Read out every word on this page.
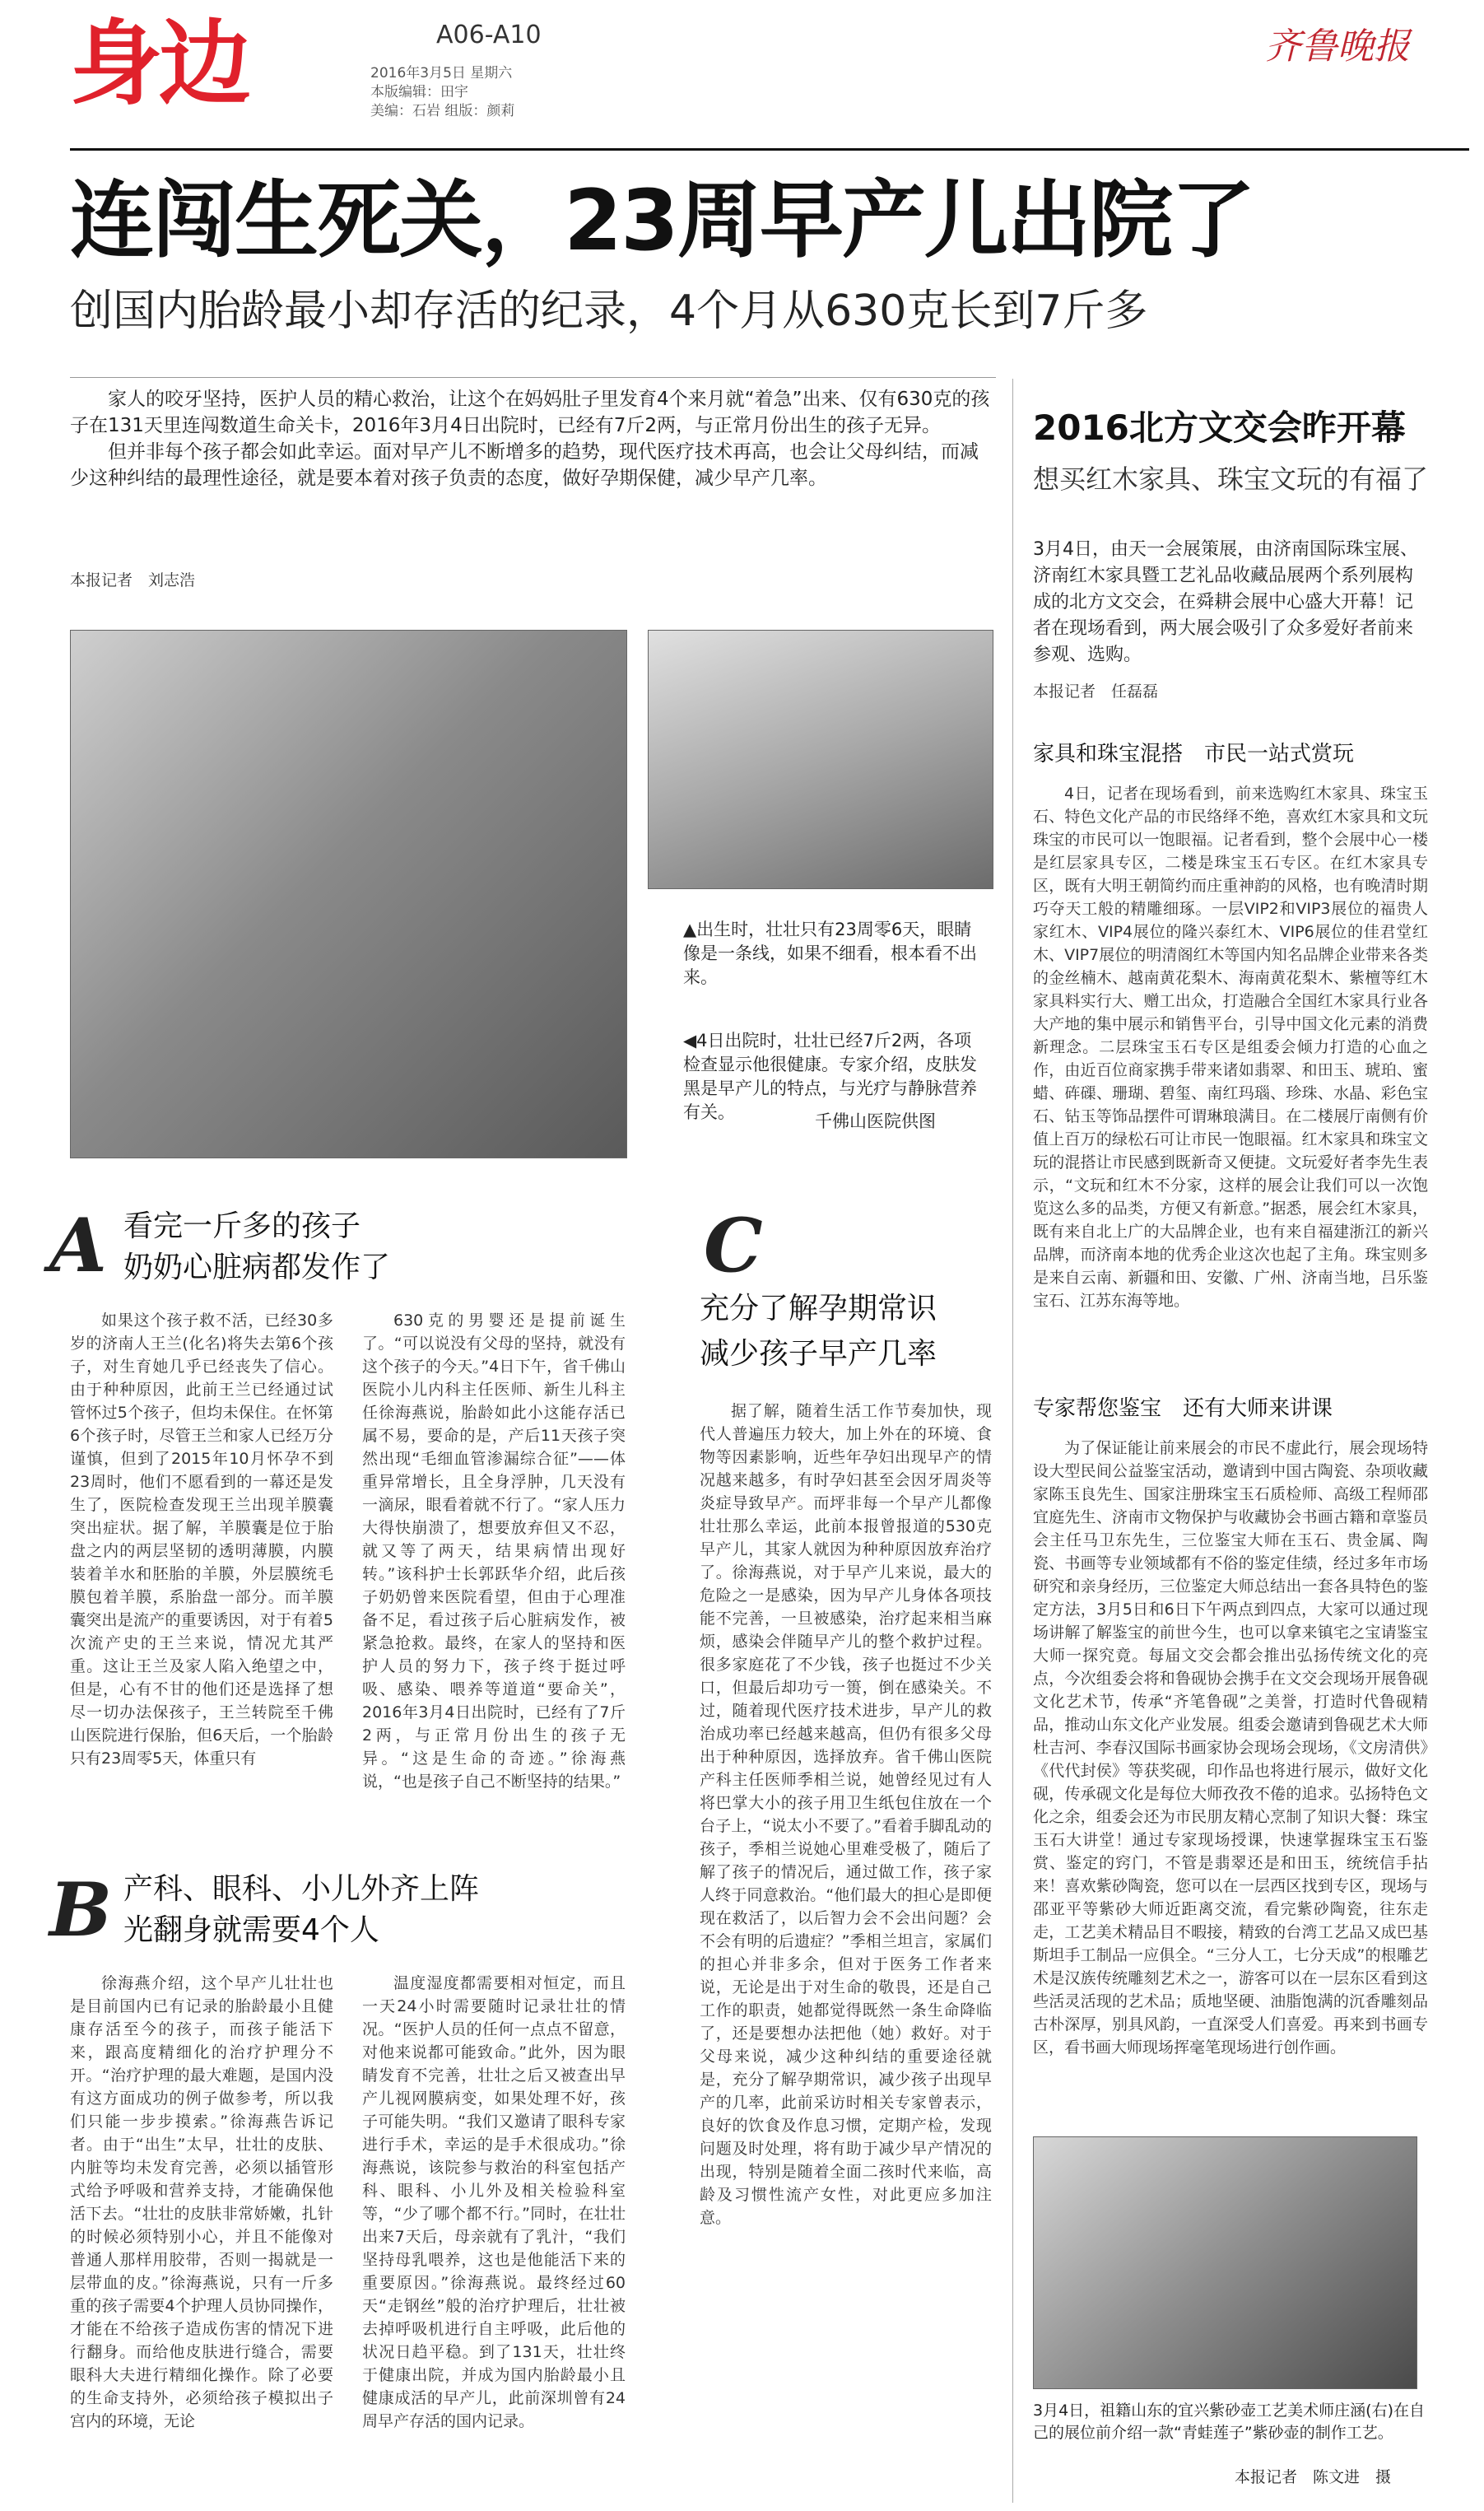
身边	A06-A10
2016年3月5日 星期六
本版编辑：田宇
美编：石岩 组版：颜莉
齐鲁晚报
连闯生死关，23周早产儿出院了
创国内胎龄最小却存活的纪录，4个月从630克长到7斤多

家人的咬牙坚持，医护人员的精心救治，让这个在妈妈肚子里发育4个来月就“着急”出来、仅有630克的孩子在131天里连闯数道生命关卡，2016年3月4日出院时，已经有7斤2两，与正常月份出生的孩子无异。

但并非每个孩子都会如此幸运。面对早产儿不断增多的趋势，现代医疗技术再高，也会让父母纠结，而减少这种纠结的最理性途径，就是要本着对孩子负责的态度，做好孕期保健，减少早产几率。

本报记者　刘志浩
▲出生时，壮壮只有23周零6天，眼睛像是一条线，如果不细看，根本看不出来。
◀4日出院时，壮壮已经7斤2两，各项检查显示他很健康。专家介绍，皮肤发黑是早产儿的特点，与光疗与静脉营养有关。	千佛山医院供图
A 看完一斤多的孩子
奶奶心脏病都发作了

如果这个孩子救不活，已经30多岁的济南人王兰(化名)将失去第6个孩子，对生育她几乎已经丧失了信心。由于种种原因，此前王兰已经通过试管怀过5个孩子，但均未保住。在怀第6个孩子时，尽管王兰和家人已经万分谨慎，但到了2015年10月怀孕不到23周时，他们不愿看到的一幕还是发生了，医院检查发现王兰出现羊膜囊突出症状。据了解，羊膜囊是位于胎盘之内的两层坚韧的透明薄膜，内膜装着羊水和胚胎的羊膜，外层膜统毛膜包着羊膜，系胎盘一部分。而羊膜囊突出是流产的重要诱因，对于有着5次流产史的王兰来说，情况尤其严重。这让王兰及家人陷入绝望之中，但是，心有不甘的他们还是选择了想尽一切办法保孩子，王兰转院至千佛山医院进行保胎，但6天后，一个胎龄只有23周零5天，体重只有

630克的男婴还是提前诞生了。“可以说没有父母的坚持，就没有这个孩子的今天。”4日下午，省千佛山医院小儿内科主任医师、新生儿科主任徐海燕说，胎龄如此小这能存活已属不易，要命的是，产后11天孩子突然出现“毛细血管渗漏综合征”——体重异常增长，且全身浮肿，几天没有一滴尿，眼看着就不行了。“家人压力大得快崩溃了，想要放弃但又不忍，就又等了两天，结果病情出现好转。”该科护士长郭跃华介绍，此后孩子奶奶曾来医院看望，但由于心理准备不足，看过孩子后心脏病发作，被紧急抢救。最终，在家人的坚持和医护人员的努力下，孩子终于挺过呼吸、感染、喂养等道道“要命关”，2016年3月4日出院时，已经有了7斤2两，与正常月份出生的孩子无异。“这是生命的奇迹。”徐海燕说，“也是孩子自己不断坚持的结果。”

B 产科、眼科、小儿外齐上阵
光翻身就需要4个人

徐海燕介绍，这个早产儿壮壮也是目前国内已有记录的胎龄最小且健康存活至今的孩子，而孩子能活下来，跟高度精细化的治疗护理分不开。“治疗护理的最大难题，是国内没有这方面成功的例子做参考，所以我们只能一步步摸索。”徐海燕告诉记者。由于“出生”太早，壮壮的皮肤、内脏等均未发育完善，必须以插管形式给予呼吸和营养支持，才能确保他活下去。“壮壮的皮肤非常娇嫩，扎针的时候必须特别小心，并且不能像对普通人那样用胶带，否则一揭就是一层带血的皮。”徐海燕说，只有一斤多重的孩子需要4个护理人员协同操作，才能在不给孩子造成伤害的情况下进行翻身。而给他皮肤进行缝合，需要眼科大夫进行精细化操作。除了必要的生命支持外，必须给孩子模拟出子宫内的环境，无论

温度湿度都需要相对恒定，而且一天24小时需要随时记录壮壮的情况。“医护人员的任何一点点不留意，对他来说都可能致命。”此外，因为眼睛发育不完善，壮壮之后又被查出早产儿视网膜病变，如果处理不好，孩子可能失明。“我们又邀请了眼科专家进行手术，幸运的是手术很成功。”徐海燕说，该院参与救治的科室包括产科、眼科、小儿外及相关检验科室等，“少了哪个都不行。”同时，在壮壮出来7天后，母亲就有了乳汁，“我们坚持母乳喂养，这也是他能活下来的重要原因。”徐海燕说。最终经过60天“走钢丝”般的治疗护理后，壮壮被去掉呼吸机进行自主呼吸，此后他的状况日趋平稳。到了131天，壮壮终于健康出院，并成为国内胎龄最小且健康成活的早产儿，此前深圳曾有24周早产存活的国内记录。

C
充分了解孕期常识
减少孩子早产几率

据了解，随着生活工作节奏加快，现代人普遍压力较大，加上外在的环境、食物等因素影响，近些年孕妇出现早产的情况越来越多，有时孕妇甚至会因牙周炎等炎症导致早产。而坪非每一个早产儿都像壮壮那么幸运，此前本报曾报道的530克早产儿，其家人就因为种种原因放弃治疗了。徐海燕说，对于早产儿来说，最大的危险之一是感染，因为早产儿身体各项技能不完善，一旦被感染，治疗起来相当麻烦，感染会伴随早产儿的整个救护过程。很多家庭花了不少钱，孩子也挺过不少关口，但最后却功亏一篑，倒在感染关。不过，随着现代医疗技术进步，早产儿的救治成功率已经越来越高，但仍有很多父母出于种种原因，选择放弃。省千佛山医院产科主任医师季相兰说，她曾经见过有人将巴掌大小的孩子用卫生纸包住放在一个台子上，“说太小不要了。”看着手脚乱动的孩子，季相兰说她心里难受极了，随后了解了孩子的情况后，通过做工作，孩子家人终于同意救治。“他们最大的担心是即便现在救活了，以后智力会不会出问题？会不会有明的后遗症？”季相兰坦言，家属们的担心并非多余，但对于医务工作者来说，无论是出于对生命的敬畏，还是自己工作的职责，她都觉得既然一条生命降临了，还是要想办法把他（她）救好。对于父母来说，减少这种纠结的重要途径就是，充分了解孕期常识，减少孩子出现早产的几率，此前采访时相关专家曾表示，良好的饮食及作息习惯，定期产检，发现问题及时处理，将有助于减少早产情况的出现，特别是随着全面二孩时代来临，高龄及习惯性流产女性，对此更应多加注意。

2016北方文交会昨开幕
想买红木家具、珠宝文玩的有福了
3月4日，由天一会展策展，由济南国际珠宝展、济南红木家具暨工艺礼品收藏品展两个系列展构成的北方文交会，在舜耕会展中心盛大开幕！记者在现场看到，两大展会吸引了众多爱好者前来参观、选购。
本报记者　任磊磊
家具和珠宝混搭　市民一站式赏玩

4日，记者在现场看到，前来选购红木家具、珠宝玉石、特色文化产品的市民络绎不绝，喜欢红木家具和文玩珠宝的市民可以一饱眼福。记者看到，整个会展中心一楼是红层家具专区，二楼是珠宝玉石专区。在红木家具专区，既有大明王朝简约而庄重神韵的风格，也有晚清时期巧夺天工般的精雕细琢。一层VIP2和VIP3展位的福贵人家红木、VIP4展位的隆兴泰红木、VIP6展位的佳君堂红木、VIP7展位的明清阁红木等国内知名品牌企业带来各类的金丝楠木、越南黄花梨木、海南黄花梨木、紫檀等红木家具料实行大、赠工出众，打造融合全国红木家具行业各大产地的集中展示和销售平台，引导中国文化元素的消费新理念。二层珠宝玉石专区是组委会倾力打造的心血之作，由近百位商家携手带来诸如翡翠、和田玉、琥珀、蜜蜡、砗磲、珊瑚、碧玺、南红玛瑙、珍珠、水晶、彩色宝石、钻玉等饰品摆件可谓琳琅满目。在二楼展厅南侧有价值上百万的绿松石可让市民一饱眼福。红木家具和珠宝文玩的混搭让市民感到既新奇又便捷。文玩爱好者李先生表示，“文玩和红木不分家，这样的展会让我们可以一次饱览这么多的品类，方便又有新意。”据悉，展会红木家具，既有来自北上广的大品牌企业，也有来自福建浙江的新兴品牌，而济南本地的优秀企业这次也起了主角。珠宝则多是来自云南、新疆和田、安徽、广州、济南当地，吕乐鉴宝石、江苏东海等地。

专家帮您鉴宝　还有大师来讲课

为了保证能让前来展会的市民不虚此行，展会现场特设大型民间公益鉴宝活动，邀请到中国古陶瓷、杂项收藏家陈玉良先生、国家注册珠宝玉石质检师、高级工程师邵宜庭先生、济南市文物保护与收藏协会书画古籍和章鉴员会主任马卫东先生，三位鉴宝大师在玉石、贵金属、陶瓷、书画等专业领域都有不俗的鉴定佳绩，经过多年市场研究和亲身经历，三位鉴定大师总结出一套各具特色的鉴定方法，3月5日和6日下午两点到四点，大家可以通过现场讲解了解鉴宝的前世今生，也可以拿来镇宅之宝请鉴宝大师一探究竟。每届文交会都会推出弘扬传统文化的亮点，今次组委会将和鲁砚协会携手在文交会现场开展鲁砚文化艺术节，传承“齐笔鲁砚”之美誉，打造时代鲁砚精品，推动山东文化产业发展。组委会邀请到鲁砚艺术大师杜吉河、李春汉国际书画家协会现场会现场，《文房清供》《代代封侯》等获奖砚，印作品也将进行展示，做好文化砚，传承砚文化是每位大师孜孜不倦的追求。弘扬特色文化之余，组委会还为市民朋友精心烹制了知识大餐：珠宝玉石大讲堂！通过专家现场授课，快速掌握珠宝玉石鉴赏、鉴定的窍门，不管是翡翠还是和田玉，统统信手拈来！喜欢紫砂陶瓷，您可以在一层西区找到专区，现场与邵亚平等紫砂大师近距离交流，看完紫砂陶瓷，往东走走，工艺美术精品目不暇接，精致的台湾工艺品又成巴基斯坦手工制品一应俱全。“三分人工，七分天成”的根雕艺术是汉族传统雕刻艺术之一，游客可以在一层东区看到这些活灵活现的艺术品；质地坚硬、油脂饱满的沉香雕刻品古朴深厚，别具风韵，一直深受人们喜爱。再来到书画专区，看书画大师现场挥毫笔现场进行创作画。

3月4日，祖籍山东的宜兴紫砂壶工艺美术师庄涵(右)在自己的展位前介绍一款“青蛙莲子”紫砂壶的制作工艺。
本报记者　陈文进　摄
